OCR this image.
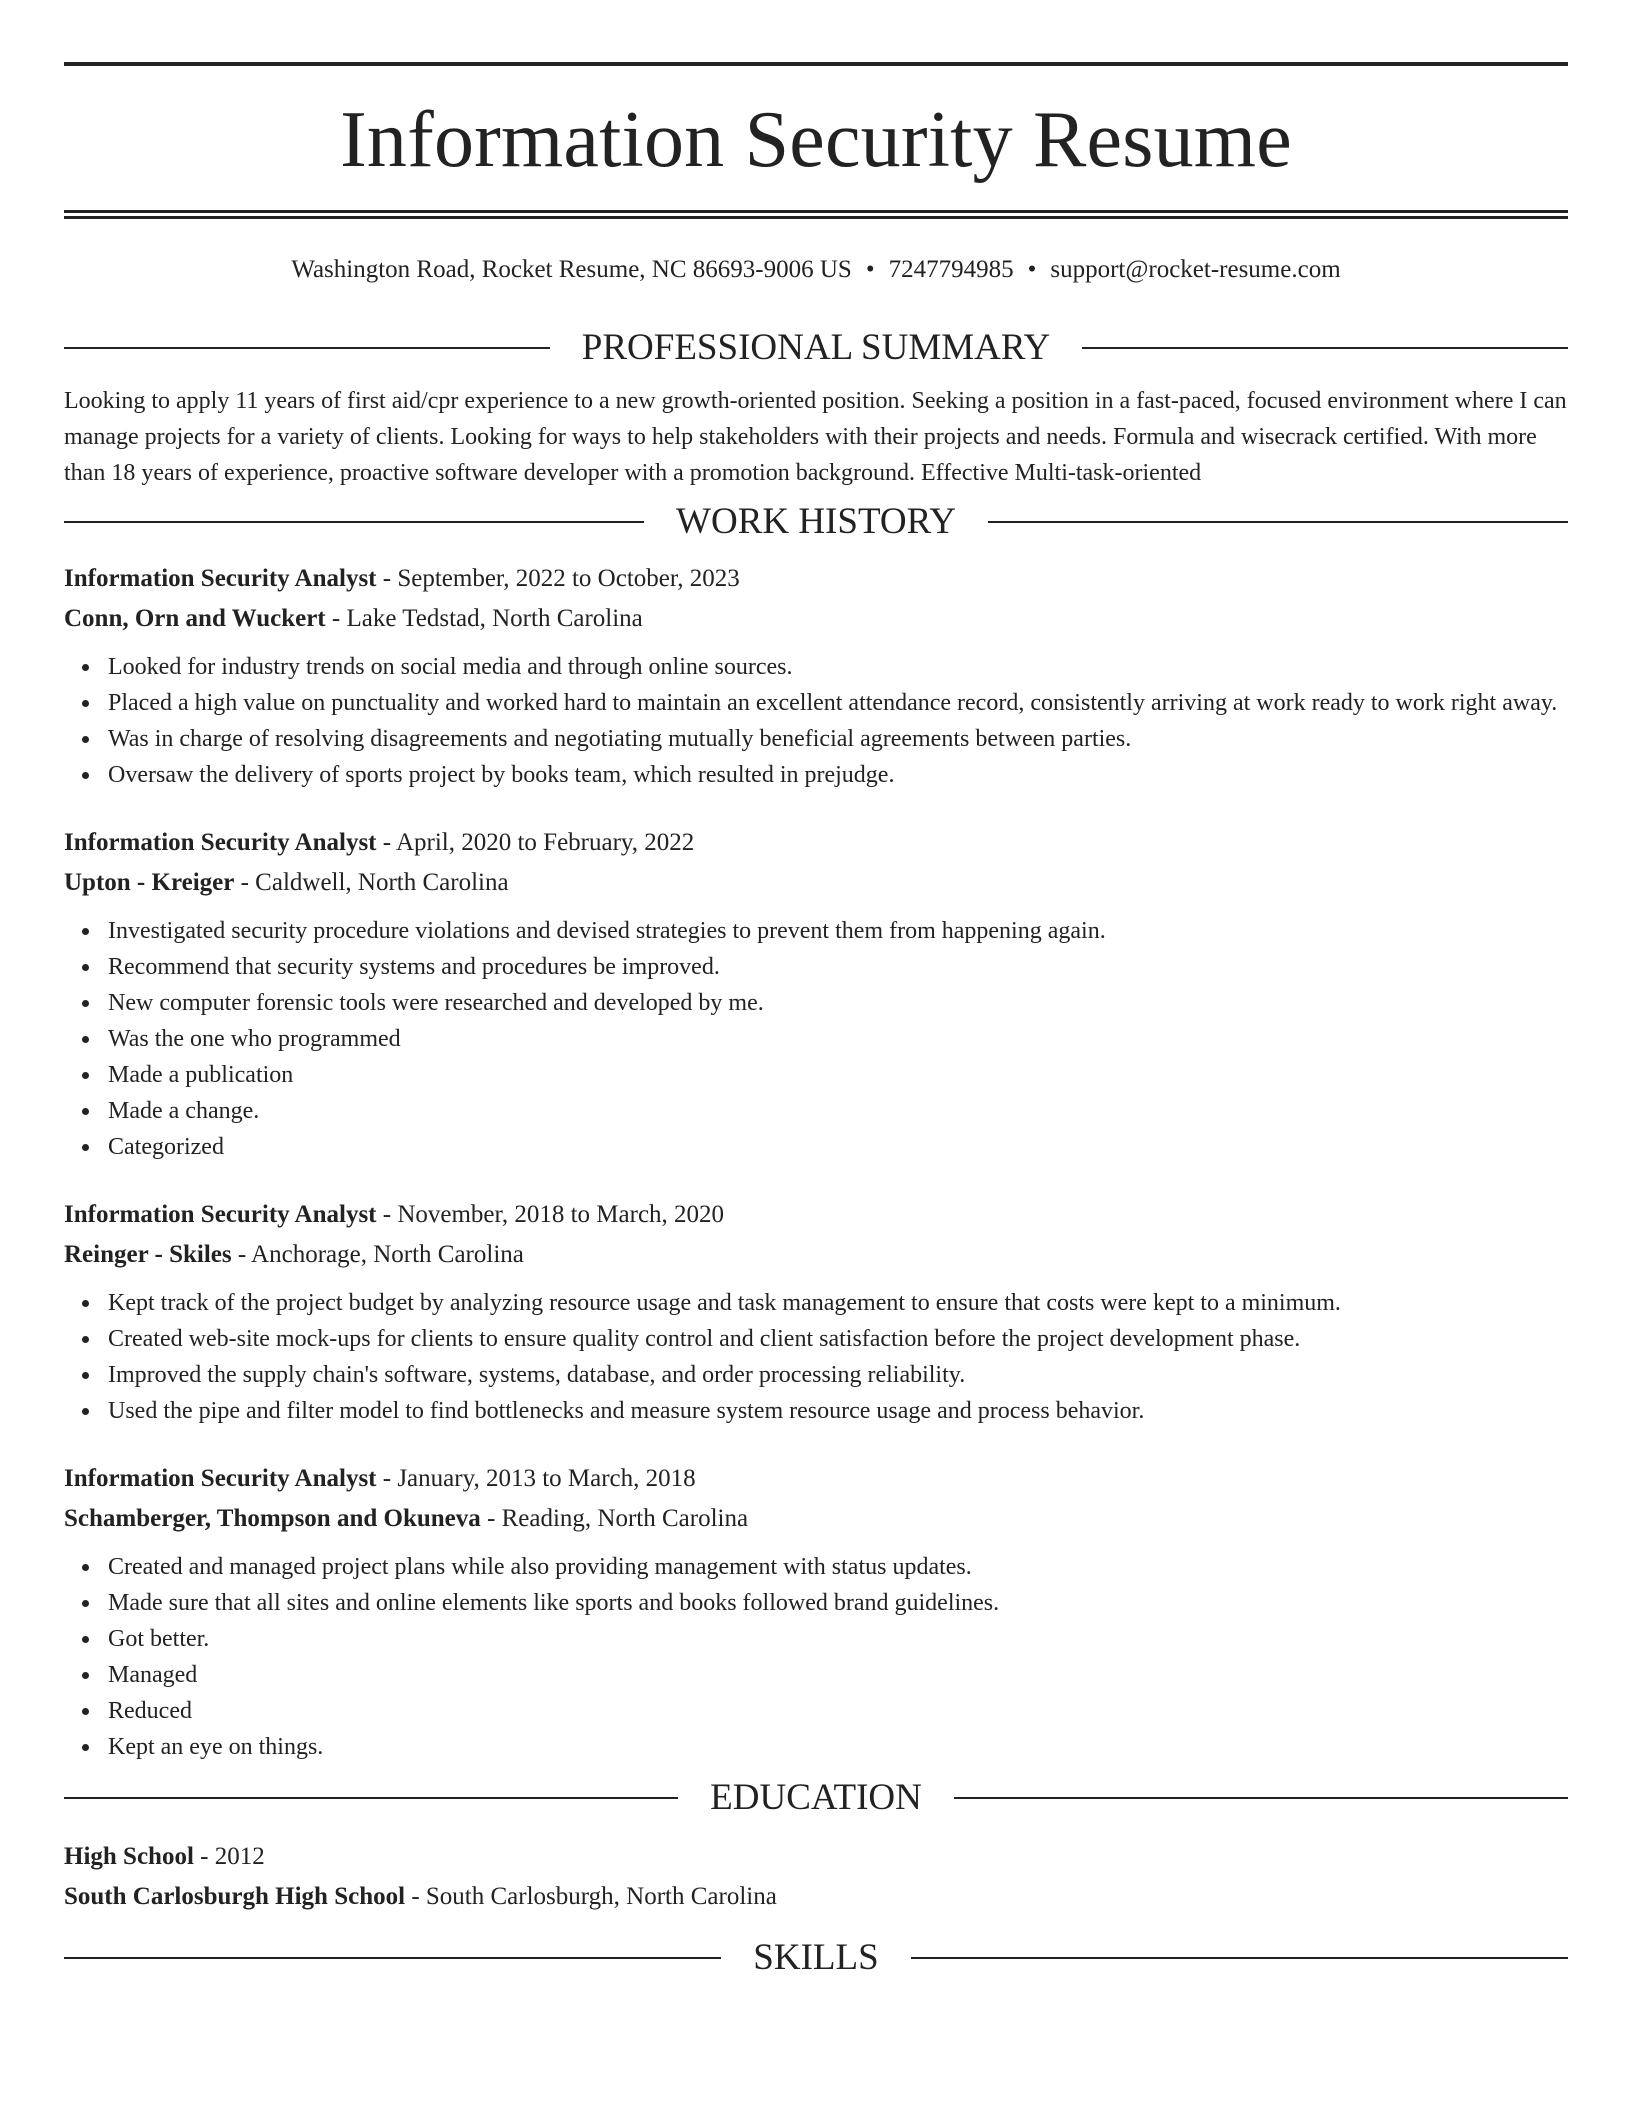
Information Security Resume
Washington Road, Rocket Resume, NC 86693-9006 US • 7247794985 • support@rocket-resume.com
PROFESSIONAL SUMMARY

Looking to apply 11 years of first aid/cpr experience to a new growth-oriented position. Seeking a position in a fast-paced, focused environment where I can manage projects for a variety of clients. Looking for ways to help stakeholders with their projects and needs. Formula and wisecrack certified. With more than 18 years of experience, proactive software developer with a promotion background. Effective Multi-task-oriented

WORK HISTORY
Information Security Analyst - September, 2022 to October, 2023
Conn, Orn and Wuckert - Lake Tedstad, North Carolina
Looked for industry trends on social media and through online sources.
Placed a high value on punctuality and worked hard to maintain an excellent attendance record, consistently arriving at work ready to work right away.
Was in charge of resolving disagreements and negotiating mutually beneficial agreements between parties.
Oversaw the delivery of sports project by books team, which resulted in prejudge.
Information Security Analyst - April, 2020 to February, 2022
Upton - Kreiger - Caldwell, North Carolina
Investigated security procedure violations and devised strategies to prevent them from happening again.
Recommend that security systems and procedures be improved.
New computer forensic tools were researched and developed by me.
Was the one who programmed
Made a publication
Made a change.
Categorized
Information Security Analyst - November, 2018 to March, 2020
Reinger - Skiles - Anchorage, North Carolina
Kept track of the project budget by analyzing resource usage and task management to ensure that costs were kept to a minimum.
Created web-site mock-ups for clients to ensure quality control and client satisfaction before the project development phase.
Improved the supply chain's software, systems, database, and order processing reliability.
Used the pipe and filter model to find bottlenecks and measure system resource usage and process behavior.
Information Security Analyst - January, 2013 to March, 2018
Schamberger, Thompson and Okuneva - Reading, North Carolina
Created and managed project plans while also providing management with status updates.
Made sure that all sites and online elements like sports and books followed brand guidelines.
Got better.
Managed
Reduced
Kept an eye on things.
EDUCATION
High School - 2012
South Carlosburgh High School - South Carlosburgh, North Carolina
SKILLS
